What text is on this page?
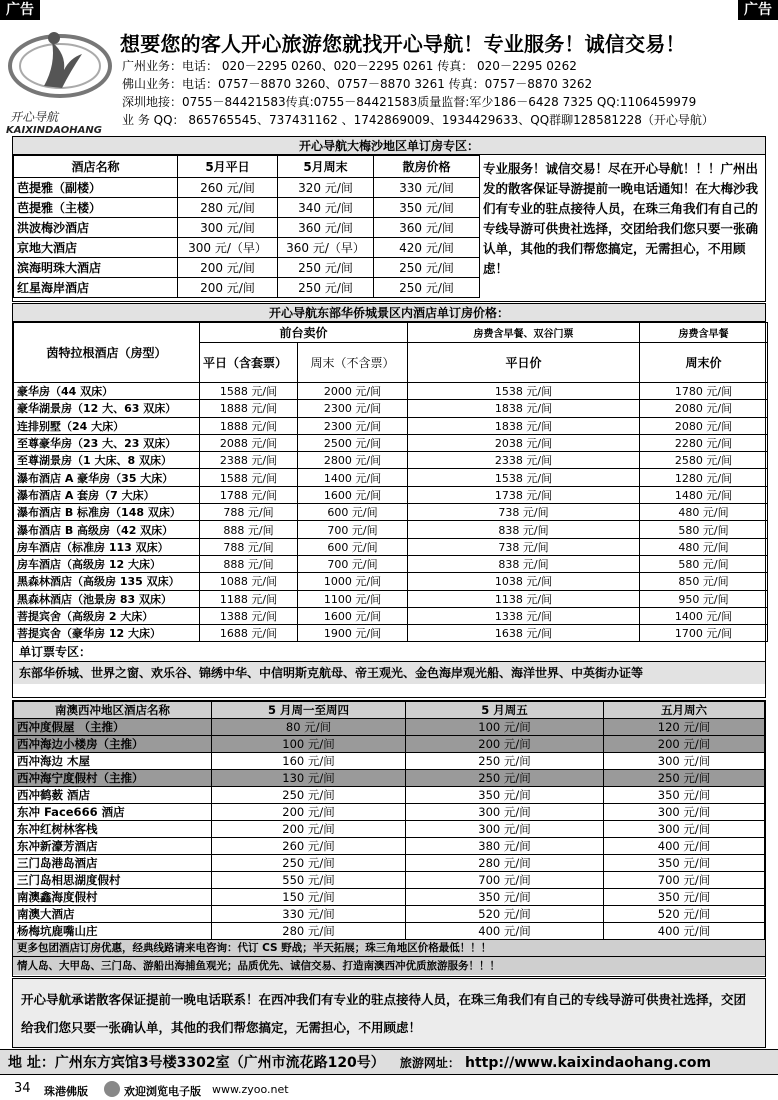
广告	广告
开心导航
KAIXINDAOHANG
想要您的客人开心旅游您就找开心导航！专业服务！诚信交易！
广州业务：电话： 020－2295 0260、020－2295 0261 传真： 020－2295 0262
佛山业务：电话：0757－8870 3260、0757－8870 3261 传真：0757－8870 3262
深圳地接：0755－84421583传真:0755－84421583质量监督:军少186－6428 7325 QQ:1106459979
业 务 QQ： 865765545、737431162 、1742869009、1934429633、QQ群聊128581228（开心导航）
开心导航大梅沙地区单订房专区：
酒店名称	5月平日	5月周末	散房价格
芭提雅（副楼）	260 元/间	320 元/间	330 元/间
芭提雅（主楼）	280 元/间	340 元/间	350 元/间
洪波梅沙酒店	300 元/间	360 元/间	360 元/间
京地大酒店	300 元/（早）	360 元/（早）	420 元/间
滨海明珠大酒店	200 元/间	250 元/间	250 元/间
红星海岸酒店	200 元/间	250 元/间	250 元/间
专业服务！诚信交易！尽在开心导航！！！广州出发的散客保证导游提前一晚电话通知！在大梅沙我们有专业的驻点接待人员，在珠三角我们有自己的专线导游可供贵社选择，交团给我们您只要一张确认单，其他的我们帮您搞定，无需担心，不用顾虑！
开心导航东部华侨城景区内酒店单订房价格：
茵特拉根酒店（房型）	前台卖价		房费含早餐、双谷门票	房费含早餐
	平日（含套票）	周末（不含票）	平日价	周末价
豪华房（44 双床）	1588 元/间	2000 元/间	1538 元/间	1780 元/间
豪华湖景房（12 大、63 双床）	1888 元/间	2300 元/间	1838 元/间	2080 元/间
连排别墅（24 大床）	1888 元/间	2300 元/间	1838 元/间	2080 元/间
至尊豪华房（23 大、23 双床）	2088 元/间	2500 元/间	2038 元/间	2280 元/间
至尊湖景房（1 大床、8 双床）	2388 元/间	2800 元/间	2338 元/间	2580 元/间
瀑布酒店 A 豪华房（35 大床）	1588 元/间	1400 元/间	1538 元/间	1280 元/间
瀑布酒店 A 套房（7 大床）	1788 元/间	1600 元/间	1738 元/间	1480 元/间
瀑布酒店 B 标准房（148 双床）	788 元/间	600 元/间	738 元/间	480 元/间
瀑布酒店 B 高级房（42 双床）	888 元/间	700 元/间	838 元/间	580 元/间
房车酒店（标准房 113 双床）	788 元/间	600 元/间	738 元/间	480 元/间
房车酒店（高级房 12 大床）	888 元/间	700 元/间	838 元/间	580 元/间
黑森林酒店（高级房 135 双床）	1088 元/间	1000 元/间	1038 元/间	850 元/间
黑森林酒店（池景房 83 双床）	1188 元/间	1100 元/间	1138 元/间	950 元/间
菩提宾舍（高级房 2 大床）	1388 元/间	1600 元/间	1338 元/间	1400 元/间
菩提宾舍（豪华房 12 大床）	1688 元/间	1900 元/间	1638 元/间	1700 元/间
单订票专区：
东部华侨城、世界之窗、欢乐谷、锦绣中华、中信明斯克航母、帝王观光、金色海岸观光船、海洋世界、中英街办证等
南澳西冲地区酒店名称	5 月周一至周四	5 月周五	五月周六
西冲度假屋 （主推）	80 元/间	100 元/间	120 元/间
西冲海边小楼房（主推）	100 元/间	200 元/间	200 元/间
西冲海边 木屋	160 元/间	250 元/间	300 元/间
西冲海宁度假村（主推）	130 元/间	250 元/间	250 元/间
西冲鹤薮 酒店	250 元/间	350 元/间	350 元/间
东冲 Face666 酒店	200 元/间	300 元/间	300 元/间
东冲红树林客栈	200 元/间	300 元/间	300 元/间
东冲新濠芳酒店	260 元/间	380 元/间	400 元/间
三门岛港岛酒店	250 元/间	280 元/间	350 元/间
三门岛相思湖度假村	550 元/间	700 元/间	700 元/间
南澳鑫海度假村	150 元/间	350 元/间	350 元/间
南澳大酒店	330 元/间	520 元/间	520 元/间
杨梅坑鹿嘴山庄	280 元/间	400 元/间	400 元/间
更多包团酒店订房优惠，经典线路请来电咨询：代订 CS 野战；半天拓展；珠三角地区价格最低！！！
情人岛、大甲岛、三门岛、游船出海捕鱼观光；品质优先、诚信交易、打造南澳西冲优质旅游服务！！！
开心导航承诺散客保证提前一晚电话联系！在西冲我们有专业的驻点接待人员，在珠三角我们有自己的专线导游可供贵社选择，交团给我们您只要一张确认单，其他的我们帮您搞定，无需担心，不用顾虑！
地 址：广州东方宾馆3号楼3302室（广州市流花路120号） 旅游网址： http://www.kaixindaohang.com
34 珠港佛版	欢迎浏览电子版 www.zyoo.net
